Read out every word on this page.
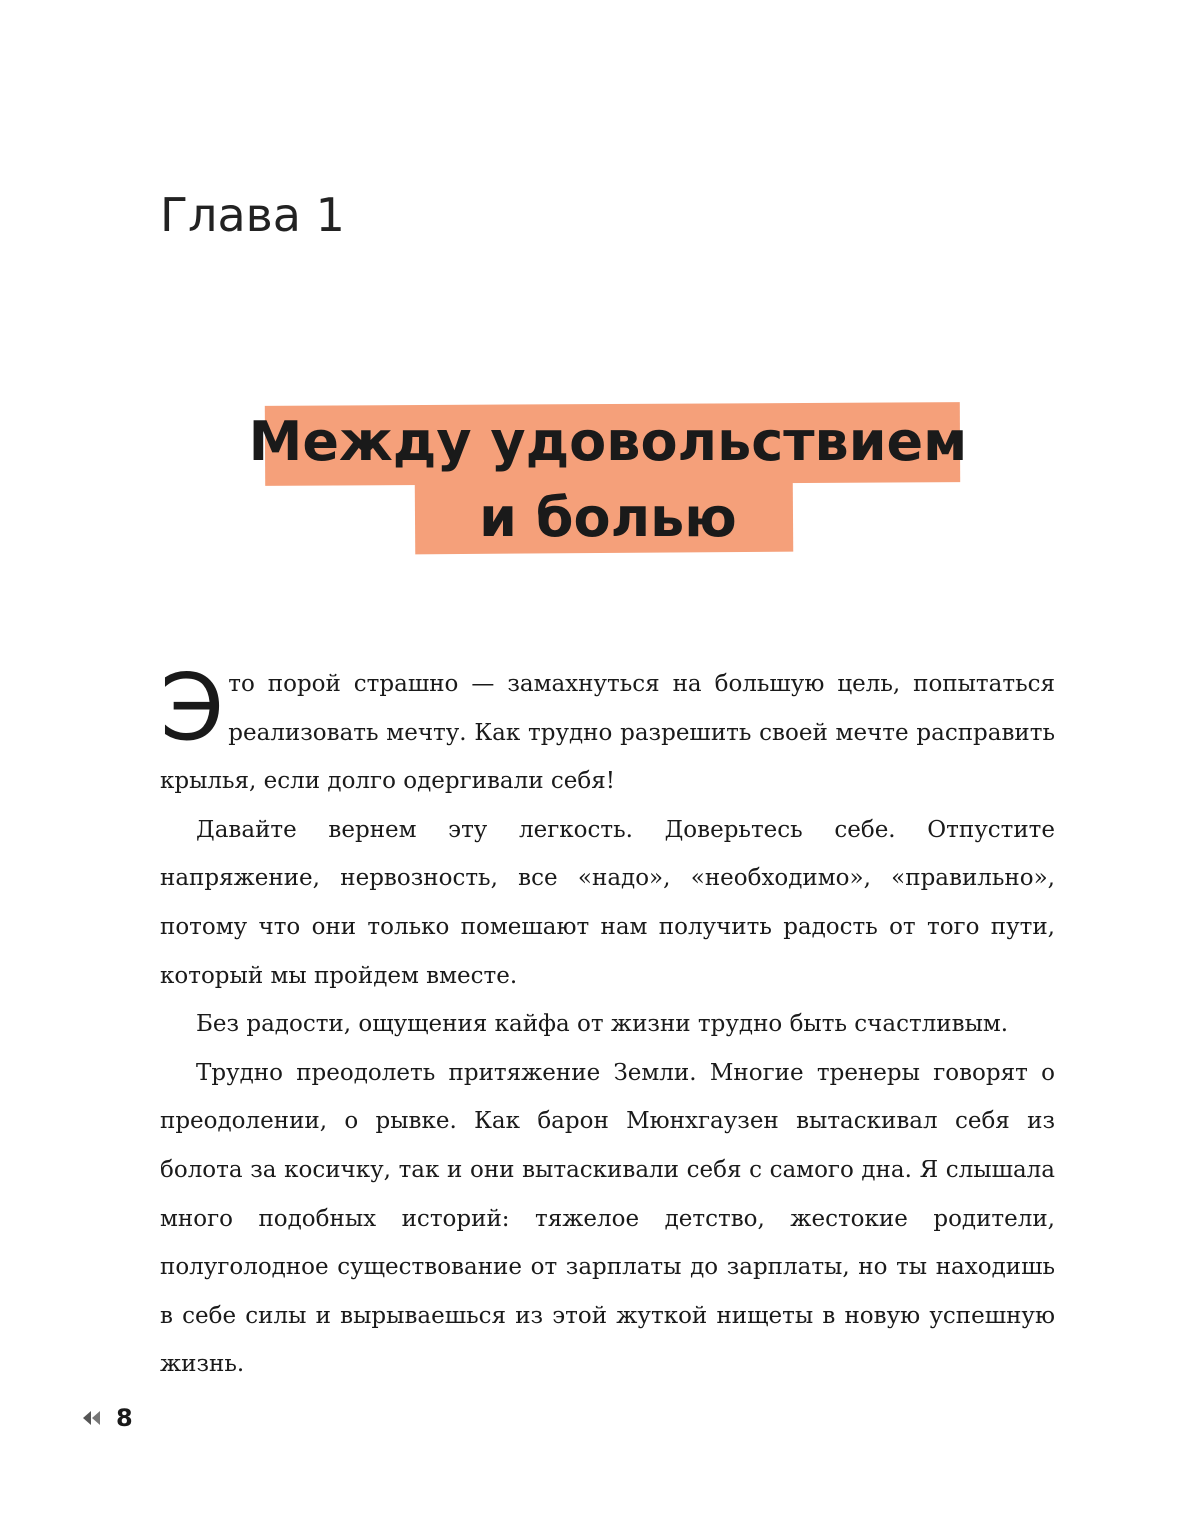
Глава 1
Между удовольствием
и болью

Это порой страшно — замахнуться на большую цель, попытаться реализовать мечту. Как трудно разрешить своей мечте расправить крылья, если долго одергивали себя!

Давайте вернем эту легкость. Доверьтесь себе. Отпустите напряжение, нервозность, все «надо», «необходимо», «правильно», потому что они только помешают нам получить радость от того пути, который мы пройдем вместе.

Без радости, ощущения кайфа от жизни трудно быть счастливым.

Трудно преодолеть притяжение Земли. Многие тренеры говорят о преодолении, о рывке. Как барон Мюнхгаузен вытаскивал себя из болота за косичку, так и они вытаскивали себя с самого дна. Я слышала много подобных историй: тяжелое детство, жестокие родители, полуголодное существование от зарплаты до зарплаты, но ты находишь в себе силы и вырываешься из этой жуткой нищеты в новую успешную жизнь.

8
